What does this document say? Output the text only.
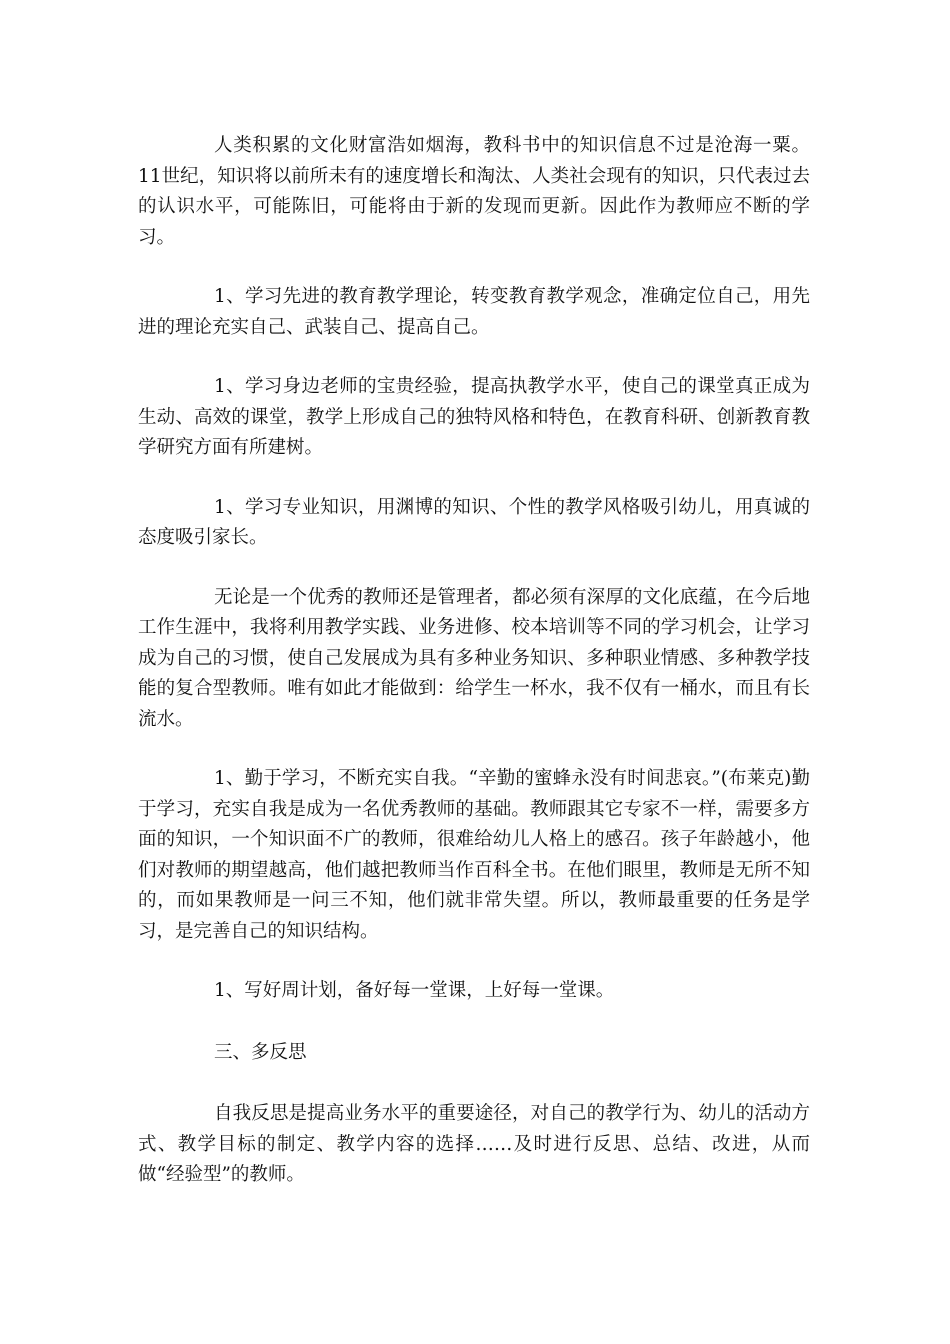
人类积累的文化财富浩如烟海，教科书中的知识信息不过是沧海一粟。11世纪，知识将以前所未有的速度增长和淘汰、人类社会现有的知识，只代表过去的认识水平，可能陈旧，可能将由于新的发现而更新。因此作为教师应不断的学习。

1、学习先进的教育教学理论，转变教育教学观念，准确定位自己，用先进的理论充实自己、武装自己、提高自己。

1、学习身边老师的宝贵经验，提高执教学水平，使自己的课堂真正成为生动、高效的课堂，教学上形成自己的独特风格和特色，在教育科研、创新教育教学研究方面有所建树。

1、学习专业知识，用渊博的知识、个性的教学风格吸引幼儿，用真诚的态度吸引家长。

无论是一个优秀的教师还是管理者，都必须有深厚的文化底蕴，在今后地工作生涯中，我将利用教学实践、业务进修、校本培训等不同的学习机会，让学习成为自己的习惯，使自己发展成为具有多种业务知识、多种职业情感、多种教学技能的复合型教师。唯有如此才能做到：给学生一杯水，我不仅有一桶水，而且有长流水。

1、勤于学习，不断充实自我。“辛勤的蜜蜂永没有时间悲哀。”(布莱克)勤于学习，充实自我是成为一名优秀教师的基础。教师跟其它专家不一样，需要多方面的知识，一个知识面不广的教师，很难给幼儿人格上的感召。孩子年龄越小，他们对教师的期望越高，他们越把教师当作百科全书。在他们眼里，教师是无所不知的，而如果教师是一问三不知，他们就非常失望。所以，教师最重要的任务是学习，是完善自己的知识结构。

1、写好周计划，备好每一堂课，上好每一堂课。

三、多反思

自我反思是提高业务水平的重要途径，对自己的教学行为、幼儿的活动方式、教学目标的制定、教学内容的选择……及时进行反思、总结、改进，从而做“经验型”的教师。
